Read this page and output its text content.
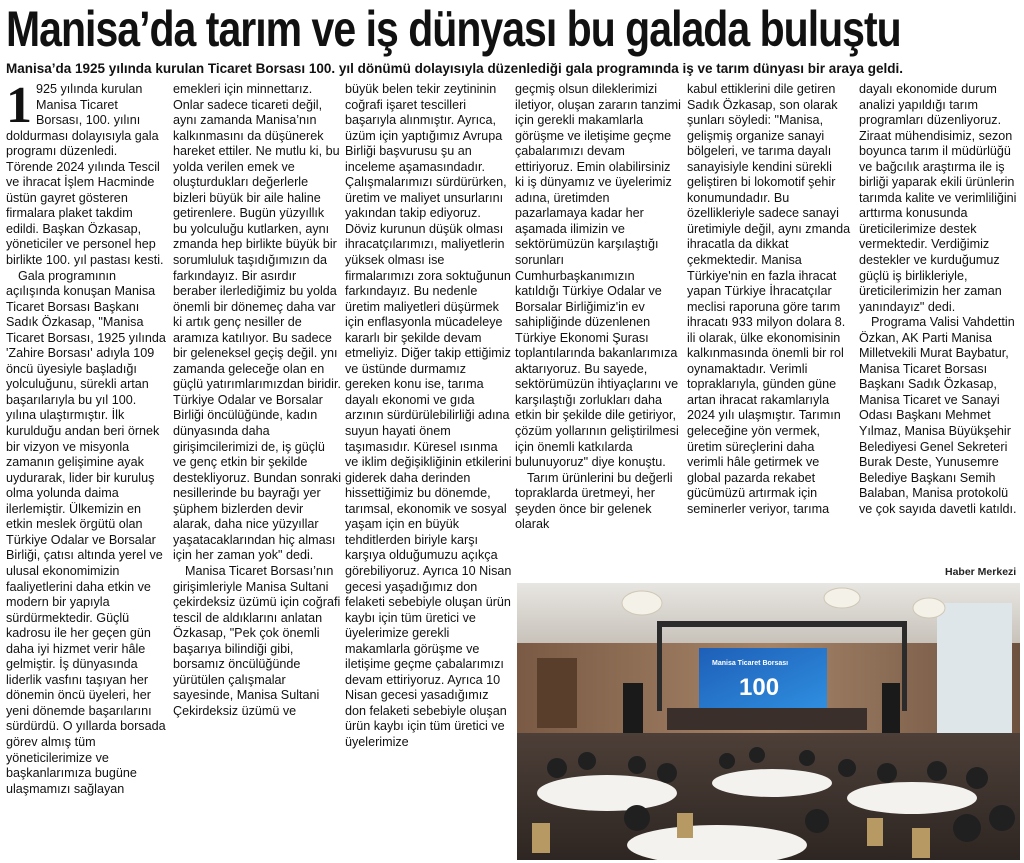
Manisa’da tarım ve iş dünyası bu galada buluştu
Manisa’da 1925 yılında kurulan Ticaret Borsası 100. yıl dönümü dolayısıyla düzenlediği gala programında iş ve tarım dünyası bir araya geldi.
1 925 yılında kurulan Manisa Ticaret Borsası, 100. yılını doldurması dolayısıyla gala programı düzenledi. Törende 2024 yılında Tescil ve ihracat İşlem Hacminde üstün gayret gösteren firmalara plaket takdim edildi. Başkan Özkasap, yöneticiler ve personel hep birlikte 100. yıl pastası kesti.

Gala programının açılışında konuşan Manisa Ticaret Borsası Başkanı Sadık Özkasap, "Manisa Ticaret Borsası, 1925 yılında 'Zahire Borsası' adıyla 109 öncü üyesiyle başladığı yolculuğunu, sürekli artan başarılarıyla bu yıl 100. yılına ulaştırmıştır. İlk kurulduğu andan beri örnek bir vizyon ve misyonla zamanın gelişimine ayak uydurarak, lider bir kuruluş olma yolunda daima ilerlemiştir. Ülkemizin en etkin meslek örgütü olan Türkiye Odalar ve Borsalar Birliği, çatısı altında yerel ve ulusal ekonomimizin faaliyetlerini daha etkin ve modern bir yapıyla sürdürmektedir. Güçlü kadrosu ile her geçen gün daha iyi hizmet verir hâle gelmiştir. İş dünyasında liderlik vasfını taşıyan her dönemin öncü üyeleri, her yeni dönemde başarılarını sürdürdü. O yıllarda borsada görev almış tüm yöneticilerimize ve başkanlarımıza bugüne ulaşmamızı sağlayan

emekleri için minnettarız. Onlar sadece ticareti değil, aynı zamanda Manisa’nın kalkınmasını da düşünerek hareket ettiler. Ne mutlu ki, bu yolda verilen emek ve oluşturdukları değerlerle bizleri büyük bir aile haline getirenlere. Bugün yüzyıllık bu yolculuğu kutlarken, aynı zmanda hep birlikte büyük bir sorumluluk taşıdığımızın da farkındayız. Bir asırdır beraber ilerlediğimiz bu yolda önemli bir dönemeç daha var ki artık genç nesiller de aramıza katılıyor. Bu sadece bir geleneksel geçiş değil. ynı zamanda geleceğe olan en güçlü yatırımlarımızdan biridir. Türkiye Odalar ve Borsalar Birliği öncülüğünde, kadın dünyasında daha girişimcilerimizi de, iş güçlü ve genç etkin bir şekilde destekliyoruz. Bundan sonraki nesillerinde bu bayrağı yer şüphem bizlerden devir alarak, daha nice yüzyıllar yaşatacaklarından hiç alması için her zaman yok" dedi.

Manisa Ticaret Borsası’nın girişimleriyle Manisa Sultani çekirdeksiz üzümü için coğrafi tescil de aldıklarını anlatan Özkasap, "Pek çok önemli başarıya bilindiği gibi, borsamız öncülüğünde yürütülen çalışmalar sayesinde, Manisa Sultani Çekirdeksiz üzümü ve

büyük belen tekir zeytininin coğrafi işaret tescilleri başarıyla alınmıştır. Ayrıca, üzüm için yaptığımız Avrupa Birliği başvurusu şu an inceleme aşamasındadır. Çalışmalarımızı sürdürürken, üretim ve maliyet unsurlarını yakından takip ediyoruz. Döviz kurunun düşük olması ihracatçılarımızı, maliyetlerin yüksek olması ise firmalarımızı zora soktuğunun farkındayız. Bu nedenle üretim maliyetleri düşürmek için enflasyonla mücadeleye kararlı bir şekilde devam etmeliyiz. Diğer takip ettiğimiz ve üstünde durmamız gereken konu ise, tarıma dayalı ekonomi ve gıda arzının sürdürülebilirliği adına suyun hayati önem taşımasıdır. Küresel ısınma ve iklim değişikliğinin etkilerini giderek daha derinden hissettiğimiz bu dönemde, tarımsal, ekonomik ve sosyal yaşam için en büyük tehditlerden biriyle karşı karşıya olduğumuzu açıkça görebiliyoruz. Ayrıca 10 Nisan gecesi yaşadığımız don felaketi sebebiyle oluşan ürün kaybı için tüm üretici ve üyelerimize gerekli makamlarla görüşme ve iletişime geçme çabalarımızı devam ettiriyoruz. Ayrıca 10 Nisan gecesi yasadığımız don felaketi sebebiyle oluşan ürün kaybı için tüm üretici ve üyelerimize

geçmiş olsun dileklerimizi iletiyor, oluşan zararın tanzimi için gerekli makamlarla görüşme ve iletişime geçme çabalarımızı devam ettiriyoruz. Emin olabilirsiniz ki iş dünyamız ve üyelerimiz adına, üretimden pazarlamaya kadar her aşamada ilimizin ve sektörümüzün karşılaştığı sorunları Cumhurbaşkanımızın katıldığı Türkiye Odalar ve Borsalar Birliğimiz'in ev sahipliğinde düzenlenen Türkiye Ekonomi Şurası toplantılarında bakanlarımıza aktarıyoruz. Bu sayede, sektörümüzün ihtiyaçlarını ve karşılaştığı zorlukları daha etkin bir şekilde dile getiriyor, çözüm yollarının geliştirilmesi için önemli katkılarda bulunuyoruz" diye konuştu.

Tarım ürünlerini bu değerli topraklarda üretmeyi, her şeyden önce bir gelenek olarak

kabul ettiklerini dile getiren Sadık Özkasap, son olarak şunları söyledi: "Manisa, gelişmiş organize sanayi bölgeleri, ve tarıma dayalı sanayisiyle kendini sürekli geliştiren bi lokomotif şehir konumundadır. Bu özellikleriyle sadece sanayi üretimiyle değil, aynı zmanda ihracatla da dikkat çekmektedir. Manisa Türkiye'nin en fazla ihracat yapan Türkiye İhracatçılar meclisi raporuna göre tarım ihracatı 933 milyon dolara 8. ili olarak, ülke ekonomisinin kalkınmasında önemli bir rol oynamaktadır. Verimli topraklarıyla, günden güne artan ihracat rakamlarıyla 2024 yılı ulaşmıştır. Tarımın geleceğine yön vermek, üretim süreçlerini daha verimli hâle getirmek ve global pazarda rekabet gücümüzü artırmak için seminerler veriyor, tarıma

dayalı ekonomide durum analizi yapıldığı tarım programları düzenliyoruz. Ziraat mühendisimiz, sezon boyunca tarım il müdürlüğü ve bağcılık araştırma ile iş birliği yaparak ekili ürünlerin tarımda kalite ve verimliliğini arttırma konusunda üreticilerimize destek vermektedir. Verdiğimiz destekler ve kurduğumuz güçlü iş birlikleriyle, üreticilerimizin her zaman yanındayız" dedi.

Programa Valisi Vahdettin Özkan, AK Parti Manisa Milletvekili Murat Baybatur, Manisa Ticaret Borsası Başkanı Sadık Özkasap, Manisa Ticaret ve Sanayi Odası Başkanı Mehmet Yılmaz, Manisa Büyükşehir Belediyesi Genel Sekreteri Burak Deste, Yunusemre Belediye Başkanı Semih Balaban, Manisa protokolü ve çok sayıda davetli katıldı.

Haber Merkezi
Manisa Ticaret Borsası
100
